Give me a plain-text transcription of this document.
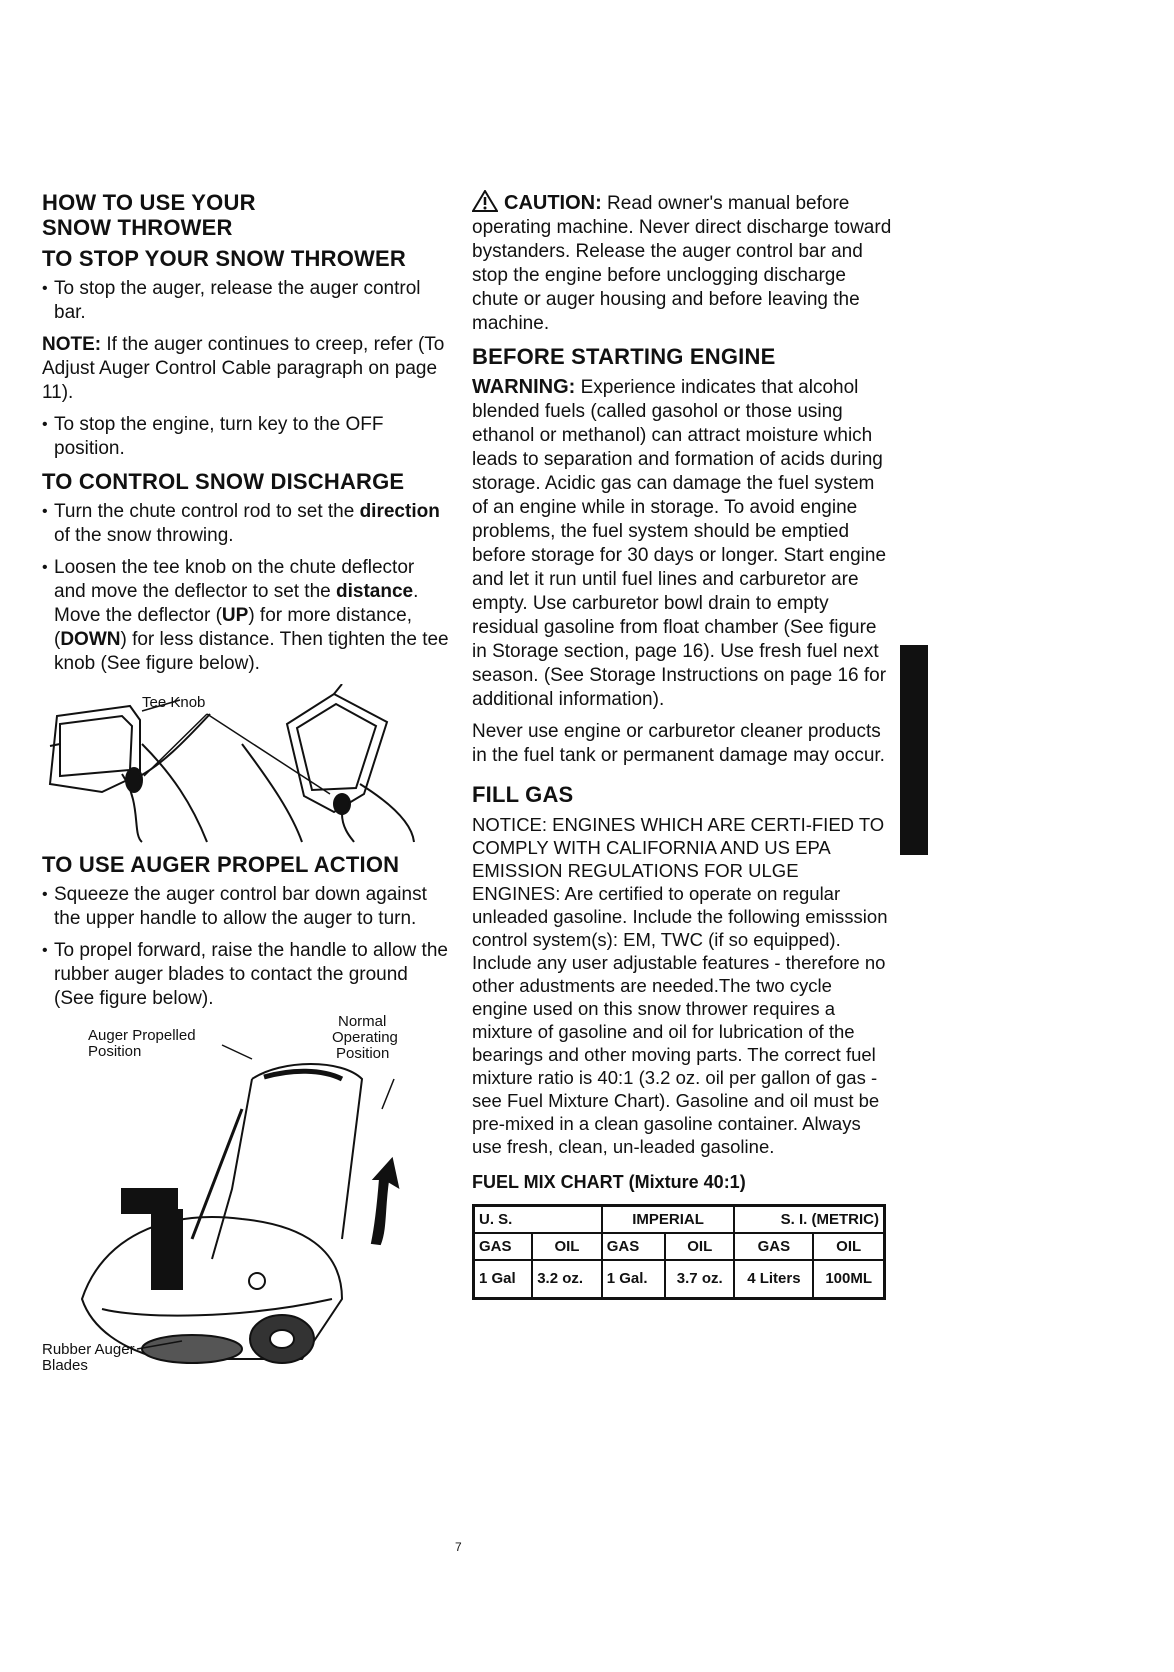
HOW TO USE YOUR
SNOW THROWER
TO STOP YOUR SNOW THROWER
• To stop the auger, release the auger control bar.

NOTE: If the auger continues to creep, refer (To Adjust Auger Control Cable paragraph on page 11).

• To stop the engine, turn key to the OFF position.
TO CONTROL SNOW DISCHARGE
• Turn the chute control rod to set the direction of the snow throwing.
• Loosen the tee knob on the chute deflector and move the deflector to set the distance. Move the deflector (UP) for more distance, (DOWN) for less distance. Then tighten the tee knob (See figure below).
Tee Knob
TO USE AUGER PROPEL ACTION
• Squeeze the auger control bar down against the upper handle to allow the auger to turn.
• To propel forward, raise the handle to allow the rubber auger blades to contact the ground (See figure below).
Normal
Operating
Position
Auger Propelled
Position
Rubber Auger
Blades

CAUTION: Read owner's manual before operating machine. Never direct discharge toward bystanders. Release the auger control bar and stop the engine before unclogging discharge chute or auger housing and before leaving the machine.

BEFORE STARTING ENGINE

WARNING: Experience indicates that alcohol blended fuels (called gasohol or those using ethanol or methanol) can attract moisture which leads to separation and formation of acids during storage. Acidic gas can damage the fuel system of an engine while in storage. To avoid engine problems, the fuel system should be emptied before storage for 30 days or longer. Start engine and let it run until fuel lines and carburetor are empty. Use carburetor bowl drain to empty residual gasoline from float chamber (See figure in Storage section, page 16). Use fresh fuel next season. (See Storage Instructions on page 16 for additional information).

Never use engine or carburetor cleaner products in the fuel tank or permanent damage may occur.

FILL GAS

NOTICE: ENGINES WHICH ARE CERTI-FIED TO COMPLY WITH CALIFORNIA AND US EPA EMISSION REGULATIONS FOR ULGE ENGINES: Are certified to operate on regular unleaded gasoline. Include the following emisssion control system(s): EM, TWC (if so equipped). Include any user adjustable features - therefore no other adustments are needed.The two cycle engine used on this snow thrower requires a mixture of gasoline and oil for lubrication of the bearings and other moving parts. The correct fuel mixture ratio is 40:1 (3.2 oz. oil per gallon of gas - see Fuel Mixture Chart). Gasoline and oil must be pre-mixed in a clean gasoline container. Always use fresh, clean, un-leaded gasoline.

FUEL MIX CHART (Mixture 40:1)

U. S.		IMPERIAL		S. I. (METRIC)	
GAS	OIL	GAS	OIL	GAS	OIL
1 Gal	3.2 oz.	1 Gal.	3.7 oz.	4 Liters	100ML
7
